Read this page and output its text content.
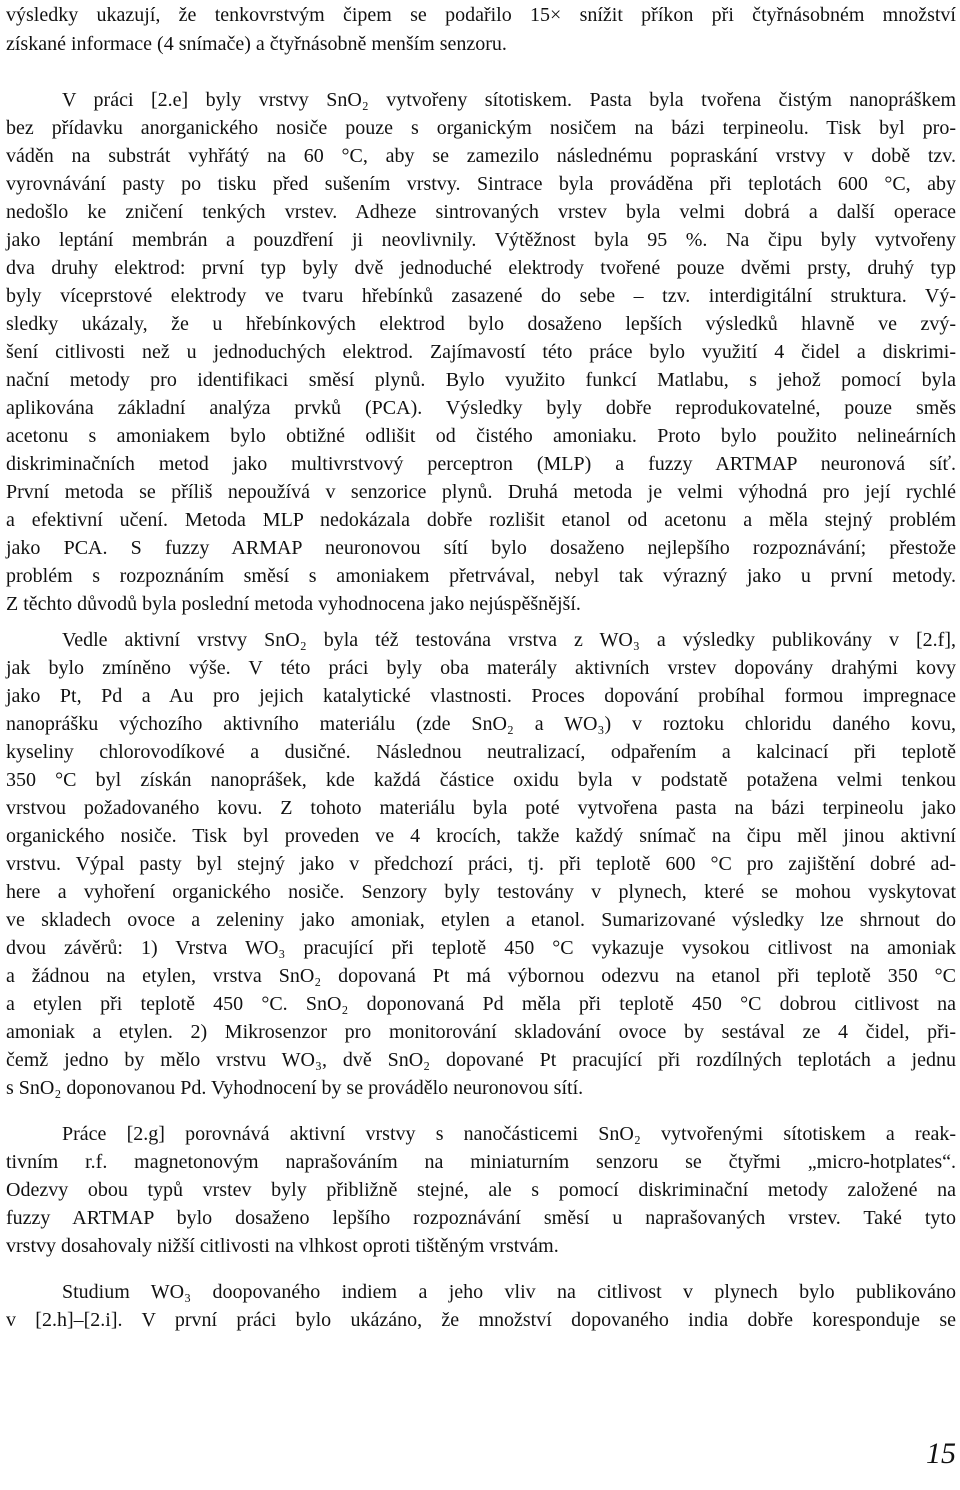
výsledky ukazují, že tenkovrstvým čipem se podařilo 15× snížit příkon při čtyřnásobném množství
získané informace (4 snímače) a čtyřnásobně menším senzoru.
V práci [2.e] byly vrstvy SnO₂ vytvořeny sítotiskem. Pasta byla tvořena čistým nanopráškem
bez přídavku anorganického nosiče pouze s organickým nosičem na bázi terpineolu. Tisk byl pro-
váděn na substrát vyhřátý na 60 °C, aby se zamezilo následnému popraskání vrstvy v době tzv.
vyrovnávání pasty po tisku před sušením vrstvy. Sintrace byla prováděna při teplotách 600 °C, aby
nedošlo ke zničení tenkých vrstev. Adheze sintrovaných vrstev byla velmi dobrá a další operace
jako leptání membrán a pouzdření ji neovlivnily. Výtěžnost byla 95 %. Na čipu byly vytvořeny
dva druhy elektrod: první typ byly dvě jednoduché elektrody tvořené pouze dvěmi prsty, druhý typ
byly víceprstové elektrody ve tvaru hřebínků zasazené do sebe – tzv. interdigitální struktura. Vý-
sledky ukázaly, že u hřebínkových elektrod bylo dosaženo lepších výsledků hlavně ve zvý-
šení citlivosti než u jednoduchých elektrod. Zajímavostí této práce bylo využití 4 čidel a diskrimi-
nační metody pro identifikaci směsí plynů. Bylo využito funkcí Matlabu, s jehož pomocí byla
aplikována základní analýza prvků (PCA). Výsledky byly dobře reprodukovatelné, pouze směs
acetonu s amoniakem bylo obtižné odlišit od čistého amoniaku. Proto bylo použito nelineárních
diskriminačních metod jako multivrstvový perceptron (MLP) a fuzzy ARTMAP neuronová síť.
První metoda se příliš nepoužívá v senzorice plynů. Druhá metoda je velmi výhodná pro její rychlé
a efektivní učení. Metoda MLP nedokázala dobře rozlišit etanol od acetonu a měla stejný problém
jako PCA. S fuzzy ARMAP neuronovou sítí bylo dosaženo nejlepšího rozpoznávání; přestože
problém s rozpoznáním směsí s amoniakem přetrvával, nebyl tak výrazný jako u první metody.
Z těchto důvodů byla poslední metoda vyhodnocena jako nejúspěšnější.
Vedle aktivní vrstvy SnO₂ byla též testována vrstva z WO₃ a výsledky publikovány v [2.f],
jak bylo zmíněno výše. V této práci byly oba materály aktivních vrstev dopovány drahými kovy
jako Pt, Pd a Au pro jejich katalytické vlastnosti. Proces dopování probíhal formou impregnace
nanoprášku výchozího aktivního materiálu (zde SnO₂ a WO₃) v roztoku chloridu daného kovu,
kyseliny chlorovodíkové a dusičné. Následnou neutralizací, odpařením a kalcinací při teplotě
350 °C byl získán nanoprášek, kde každá částice oxidu byla v podstatě potažena velmi tenkou
vrstvou požadovaného kovu. Z tohoto materiálu byla poté vytvořena pasta na bázi terpineolu jako
organického nosiče. Tisk byl proveden ve 4 krocích, takže každý snímač na čipu měl jinou aktivní
vrstvu. Výpal pasty byl stejný jako v předchozí práci, tj. při teplotě 600 °C pro zajištění dobré ad-
here a vyhoření organického nosiče. Senzory byly testovány v plynech, které se mohou vyskytovat
ve skladech ovoce a zeleniny jako amoniak, etylen a etanol. Sumarizované výsledky lze shrnout do
dvou závěrů: 1) Vrstva WO₃ pracující při teplotě 450 °C vykazuje vysokou citlivost na amoniak
a žádnou na etylen, vrstva SnO₂ dopovaná Pt má výbornou odezvu na etanol při teplotě 350 °C
a etylen při teplotě 450 °C. SnO₂ doponovaná Pd měla při teplotě 450 °C dobrou citlivost na
amoniak a etylen. 2) Mikrosenzor pro monitorování skladování ovoce by sestával ze 4 čidel, při-
čemž jedno by mělo vrstvu WO₃, dvě SnO₂ dopované Pt pracující při rozdílných teplotách a jednu
s SnO₂ doponovanou Pd. Vyhodnocení by se provádělo neuronovou sítí.
Práce [2.g] porovnává aktivní vrstvy s nanočásticemi SnO₂ vytvořenými sítotiskem a reak-
tivním r.f. magnetonovým naprašováním na miniaturním senzoru se čtyřmi „micro-hotplates“.
Odezvy obou typů vrstev byly přibližně stejné, ale s pomocí diskriminační metody založené na
fuzzy ARTMAP bylo dosaženo lepšího rozpoznávání směsí u naprašovaných vrstev. Také tyto
vrstvy dosahovaly nižší citlivosti na vlhkost oproti tištěným vrstvám.
Studium WO₃ doopovaného indiem a jeho vliv na citlivost v plynech bylo publikováno
v [2.h]–[2.i]. V první práci bylo ukázáno, že množství dopovaného india dobře koresponduje se
15
